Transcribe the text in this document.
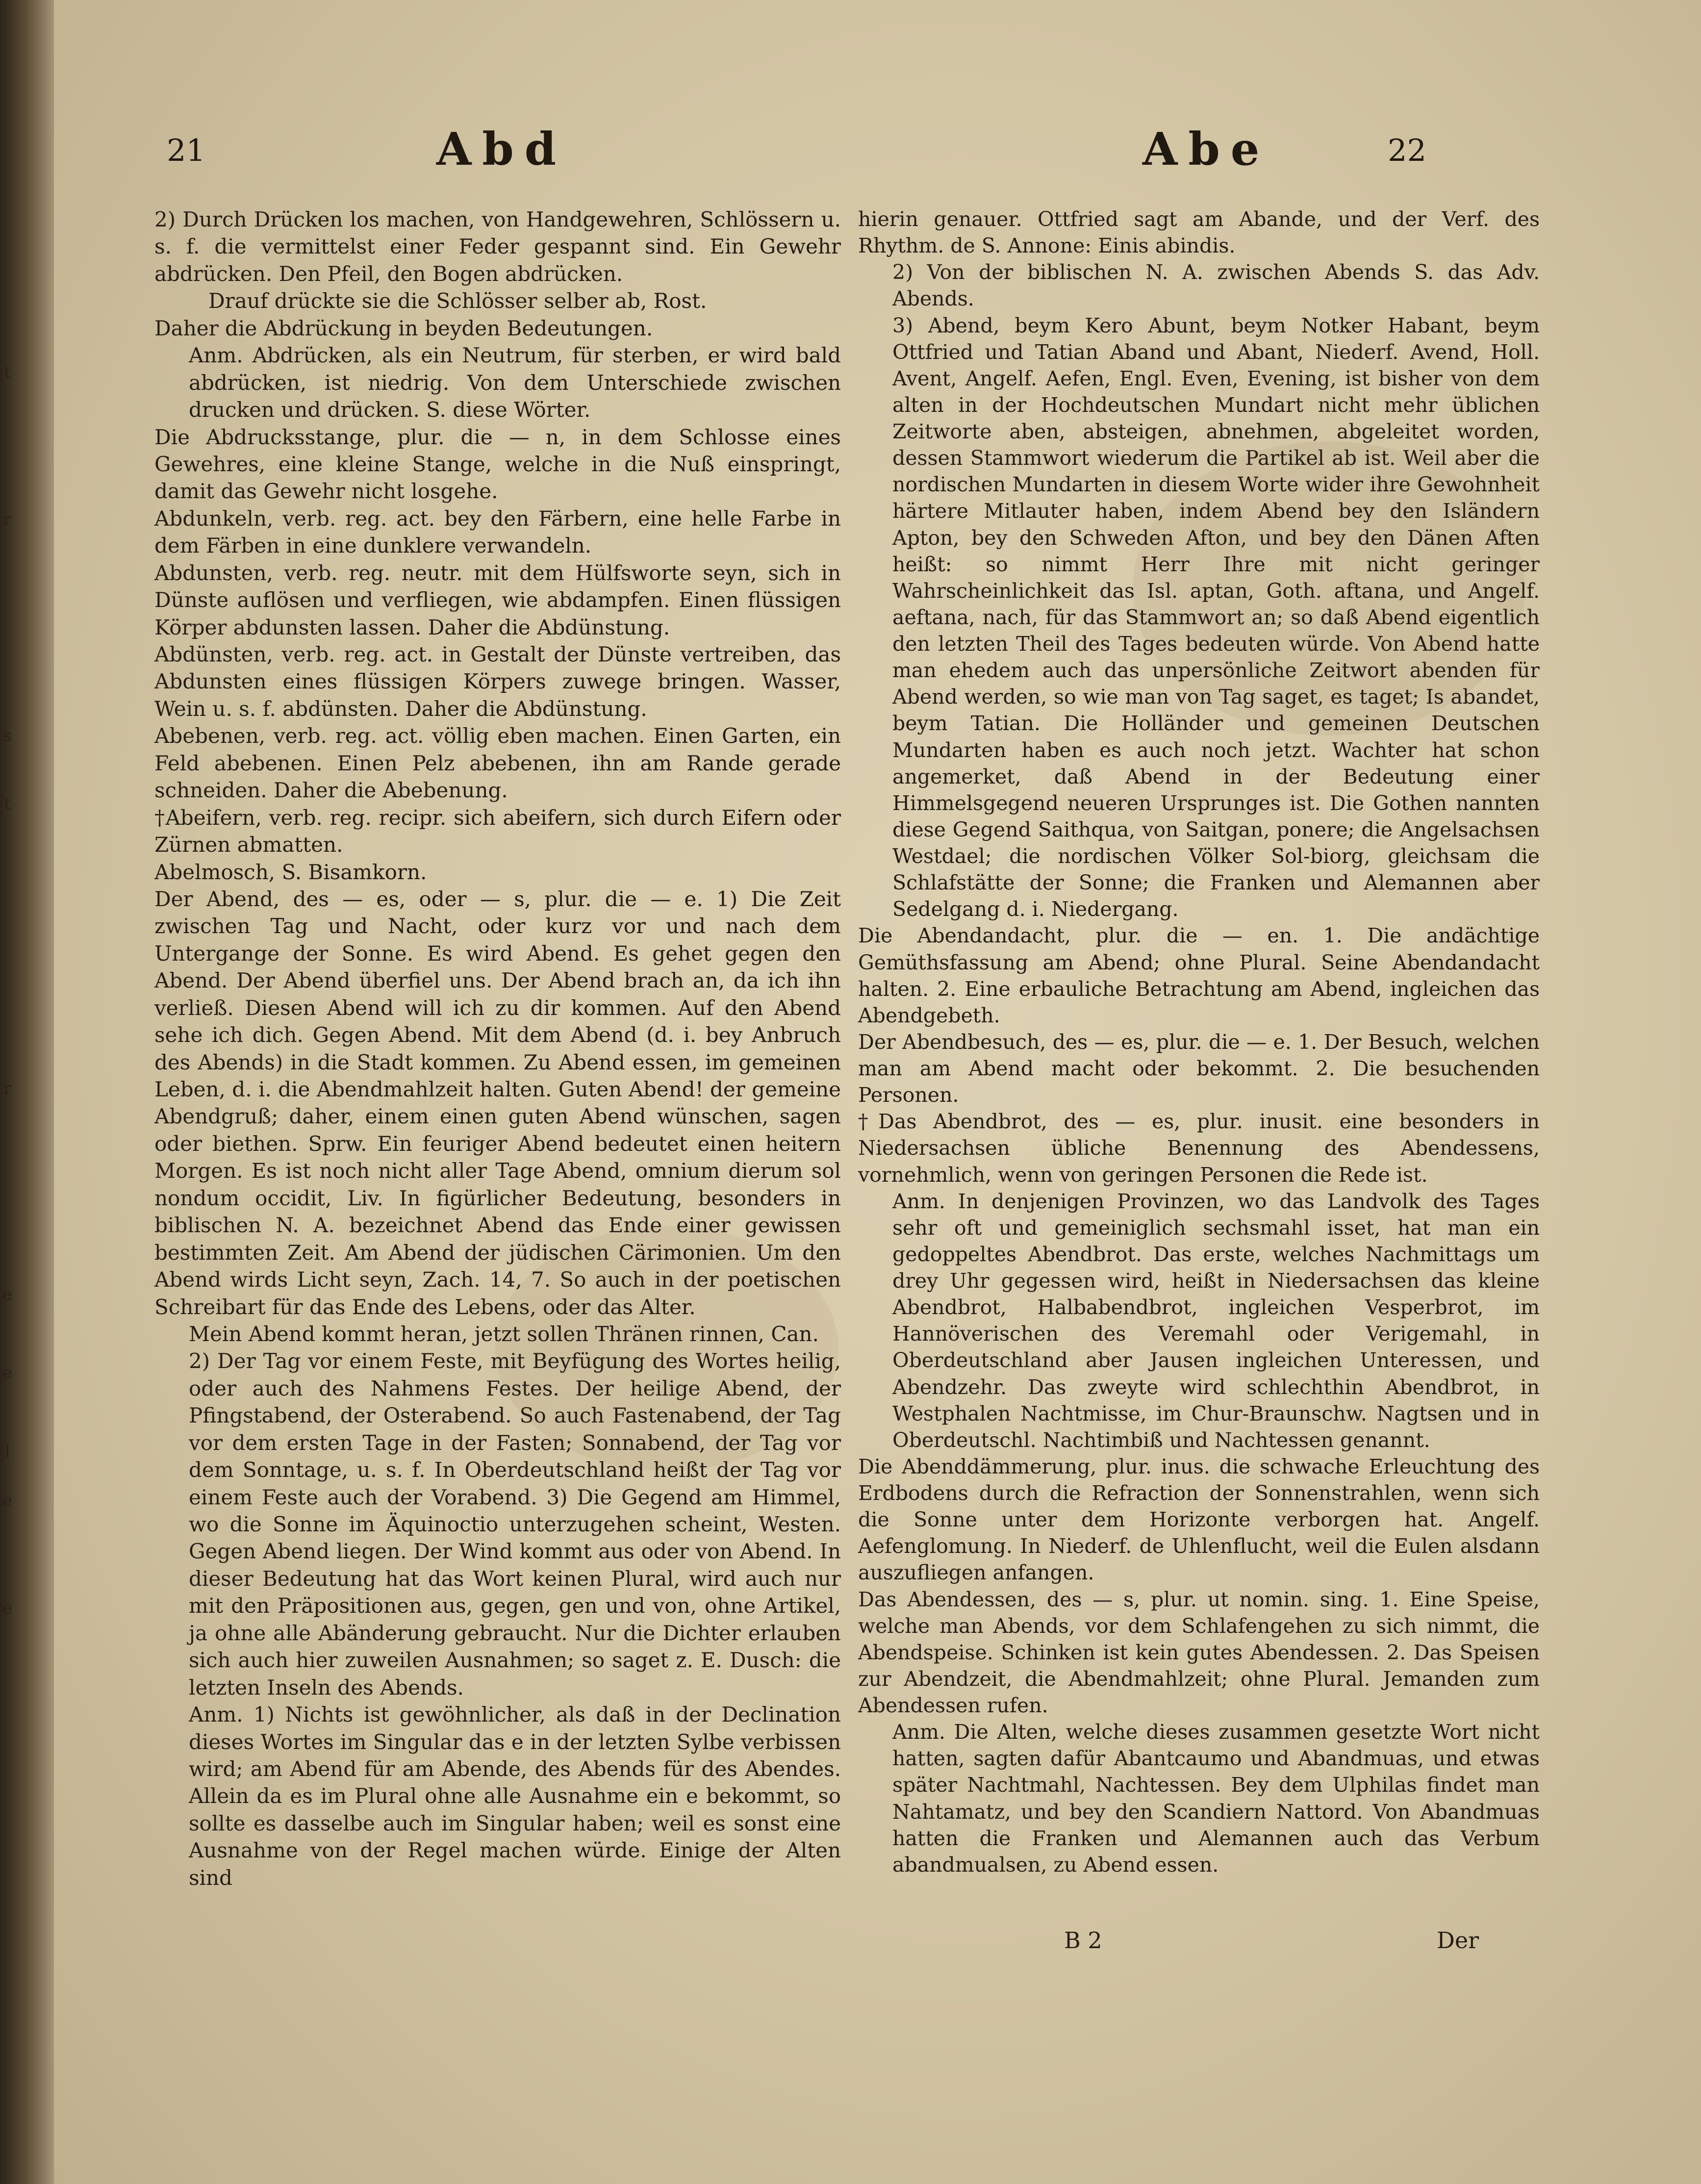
t
r
s
t
r
e
e
l
e
e
21	Abd	Abe	22

2) Durch Drücken los machen, von Handgewehren, Schlössern u. s. f. die vermittelst einer Feder gespannt sind. Ein Gewehr abdrücken. Den Pfeil, den Bogen abdrücken.

Drauf drückte sie die Schlösser selber ab, Rost.

Daher die Abdrückung in beyden Bedeutungen.

Anm. Abdrücken, als ein Neutrum, für sterben, er wird bald abdrücken, ist niedrig. Von dem Unterschiede zwischen drucken und drücken. S. diese Wörter.

Die Abdrucksstange, plur. die — n, in dem Schlosse eines Gewehres, eine kleine Stange, welche in die Nuß einspringt, damit das Gewehr nicht losgehe.

Abdunkeln, verb. reg. act. bey den Färbern, eine helle Farbe in dem Färben in eine dunklere verwandeln.

Abdunsten, verb. reg. neutr. mit dem Hülfsworte seyn, sich in Dünste auflösen und verfliegen, wie abdampfen. Einen flüssigen Körper abdunsten lassen. Daher die Abdünstung.

Abdünsten, verb. reg. act. in Gestalt der Dünste vertreiben, das Abdunsten eines flüssigen Körpers zuwege bringen. Wasser, Wein u. s. f. abdünsten. Daher die Abdünstung.

Abebenen, verb. reg. act. völlig eben machen. Einen Garten, ein Feld abebenen. Einen Pelz abebenen, ihn am Rande gerade schneiden. Daher die Abebenung.

†Abeifern, verb. reg. recipr. sich abeifern, sich durch Eifern oder Zürnen abmatten.

Abelmosch, S. Bisamkorn.

Der Abend, des — es, oder — s, plur. die — e. 1) Die Zeit zwischen Tag und Nacht, oder kurz vor und nach dem Untergange der Sonne. Es wird Abend. Es gehet gegen den Abend. Der Abend überfiel uns. Der Abend brach an, da ich ihn verließ. Diesen Abend will ich zu dir kommen. Auf den Abend sehe ich dich. Gegen Abend. Mit dem Abend (d. i. bey Anbruch des Abends) in die Stadt kommen. Zu Abend essen, im gemeinen Leben, d. i. die Abendmahlzeit halten. Guten Abend! der gemeine Abendgruß; daher, einem einen guten Abend wünschen, sagen oder biethen. Sprw. Ein feuriger Abend bedeutet einen heitern Morgen. Es ist noch nicht aller Tage Abend, omnium dierum sol nondum occidit, Liv. In figürlicher Bedeutung, besonders in biblischen N. A. bezeichnet Abend das Ende einer gewissen bestimmten Zeit. Am Abend der jüdischen Cärimonien. Um den Abend wirds Licht seyn, Zach. 14, 7. So auch in der poetischen Schreibart für das Ende des Lebens, oder das Alter.

Mein Abend kommt heran, jetzt sollen Thränen rinnen, Can.

2) Der Tag vor einem Feste, mit Beyfügung des Wortes heilig, oder auch des Nahmens Festes. Der heilige Abend, der Pfingstabend, der Osterabend. So auch Fastenabend, der Tag vor dem ersten Tage in der Fasten; Sonnabend, der Tag vor dem Sonntage, u. s. f. In Oberdeutschland heißt der Tag vor einem Feste auch der Vorabend. 3) Die Gegend am Himmel, wo die Sonne im Äquinoctio unterzugehen scheint, Westen. Gegen Abend liegen. Der Wind kommt aus oder von Abend. In dieser Bedeutung hat das Wort keinen Plural, wird auch nur mit den Präpositionen aus, gegen, gen und von, ohne Artikel, ja ohne alle Abänderung gebraucht. Nur die Dichter erlauben sich auch hier zuweilen Ausnahmen; so saget z. E. Dusch: die letzten Inseln des Abends.

Anm. 1) Nichts ist gewöhnlicher, als daß in der Declination dieses Wortes im Singular das e in der letzten Sylbe verbissen wird; am Abend für am Abende, des Abends für des Abendes. Allein da es im Plural ohne alle Ausnahme ein e bekommt, so sollte es dasselbe auch im Singular haben; weil es sonst eine Ausnahme von der Regel machen würde. Einige der Alten sind

hierin genauer. Ottfried sagt am Abande, und der Verf. des Rhythm. de S. Annone: Einis abindis.

2) Von der biblischen N. A. zwischen Abends S. das Adv. Abends.

3) Abend, beym Kero Abunt, beym Notker Habant, beym Ottfried und Tatian Aband und Abant, Niederf. Avend, Holl. Avent, Angelf. Aefen, Engl. Even, Evening, ist bisher von dem alten in der Hochdeutschen Mundart nicht mehr üblichen Zeitworte aben, absteigen, abnehmen, abgeleitet worden, dessen Stammwort wiederum die Partikel ab ist. Weil aber die nordischen Mundarten in diesem Worte wider ihre Gewohnheit härtere Mitlauter haben, indem Abend bey den Isländern Apton, bey den Schweden Afton, und bey den Dänen Aften heißt: so nimmt Herr Ihre mit nicht geringer Wahrscheinlichkeit das Isl. aptan, Goth. aftana, und Angelf. aeftana, nach, für das Stammwort an; so daß Abend eigentlich den letzten Theil des Tages bedeuten würde. Von Abend hatte man ehedem auch das unpersönliche Zeitwort abenden für Abend werden, so wie man von Tag saget, es taget; Is abandet, beym Tatian. Die Holländer und gemeinen Deutschen Mundarten haben es auch noch jetzt. Wachter hat schon angemerket, daß Abend in der Bedeutung einer Himmelsgegend neueren Ursprunges ist. Die Gothen nannten diese Gegend Saithqua, von Saitgan, ponere; die Angelsachsen Westdael; die nordischen Völker Sol-biorg, gleichsam die Schlafstätte der Sonne; die Franken und Alemannen aber Sedelgang d. i. Niedergang.

Die Abendandacht, plur. die — en. 1. Die andächtige Gemüthsfassung am Abend; ohne Plural. Seine Abendandacht halten. 2. Eine erbauliche Betrachtung am Abend, ingleichen das Abendgebeth.

Der Abendbesuch, des — es, plur. die — e. 1. Der Besuch, welchen man am Abend macht oder bekommt. 2. Die besuchenden Personen.

†Das Abendbrot, des — es, plur. inusit. eine besonders in Niedersachsen übliche Benennung des Abendessens, vornehmlich, wenn von geringen Personen die Rede ist.

Anm. In denjenigen Provinzen, wo das Landvolk des Tages sehr oft und gemeiniglich sechsmahl isset, hat man ein gedoppeltes Abendbrot. Das erste, welches Nachmittags um drey Uhr gegessen wird, heißt in Niedersachsen das kleine Abendbrot, Halbabendbrot, ingleichen Vesperbrot, im Hannöverischen des Veremahl oder Verigemahl, in Oberdeutschland aber Jausen ingleichen Unteressen, und Abendzehr. Das zweyte wird schlechthin Abendbrot, in Westphalen Nachtmisse, im Chur-Braunschw. Nagtsen und in Oberdeutschl. Nachtimbiß und Nachtessen genannt.

Die Abenddämmerung, plur. inus. die schwache Erleuchtung des Erdbodens durch die Refraction der Sonnenstrahlen, wenn sich die Sonne unter dem Horizonte verborgen hat. Angelf. Aefenglomung. In Niederf. de Uhlenflucht, weil die Eulen alsdann auszufliegen anfangen.

Das Abendessen, des — s, plur. ut nomin. sing. 1. Eine Speise, welche man Abends, vor dem Schlafengehen zu sich nimmt, die Abendspeise. Schinken ist kein gutes Abendessen. 2. Das Speisen zur Abendzeit, die Abendmahlzeit; ohne Plural. Jemanden zum Abendessen rufen.

Anm. Die Alten, welche dieses zusammen gesetzte Wort nicht hatten, sagten dafür Abantcaumo und Abandmuas, und etwas später Nachtmahl, Nachtessen. Bey dem Ulphilas findet man Nahtamatz, und bey den Scandiern Nattord. Von Abandmuas hatten die Franken und Alemannen auch das Verbum abandmualsen, zu Abend essen.

B 2	Der
